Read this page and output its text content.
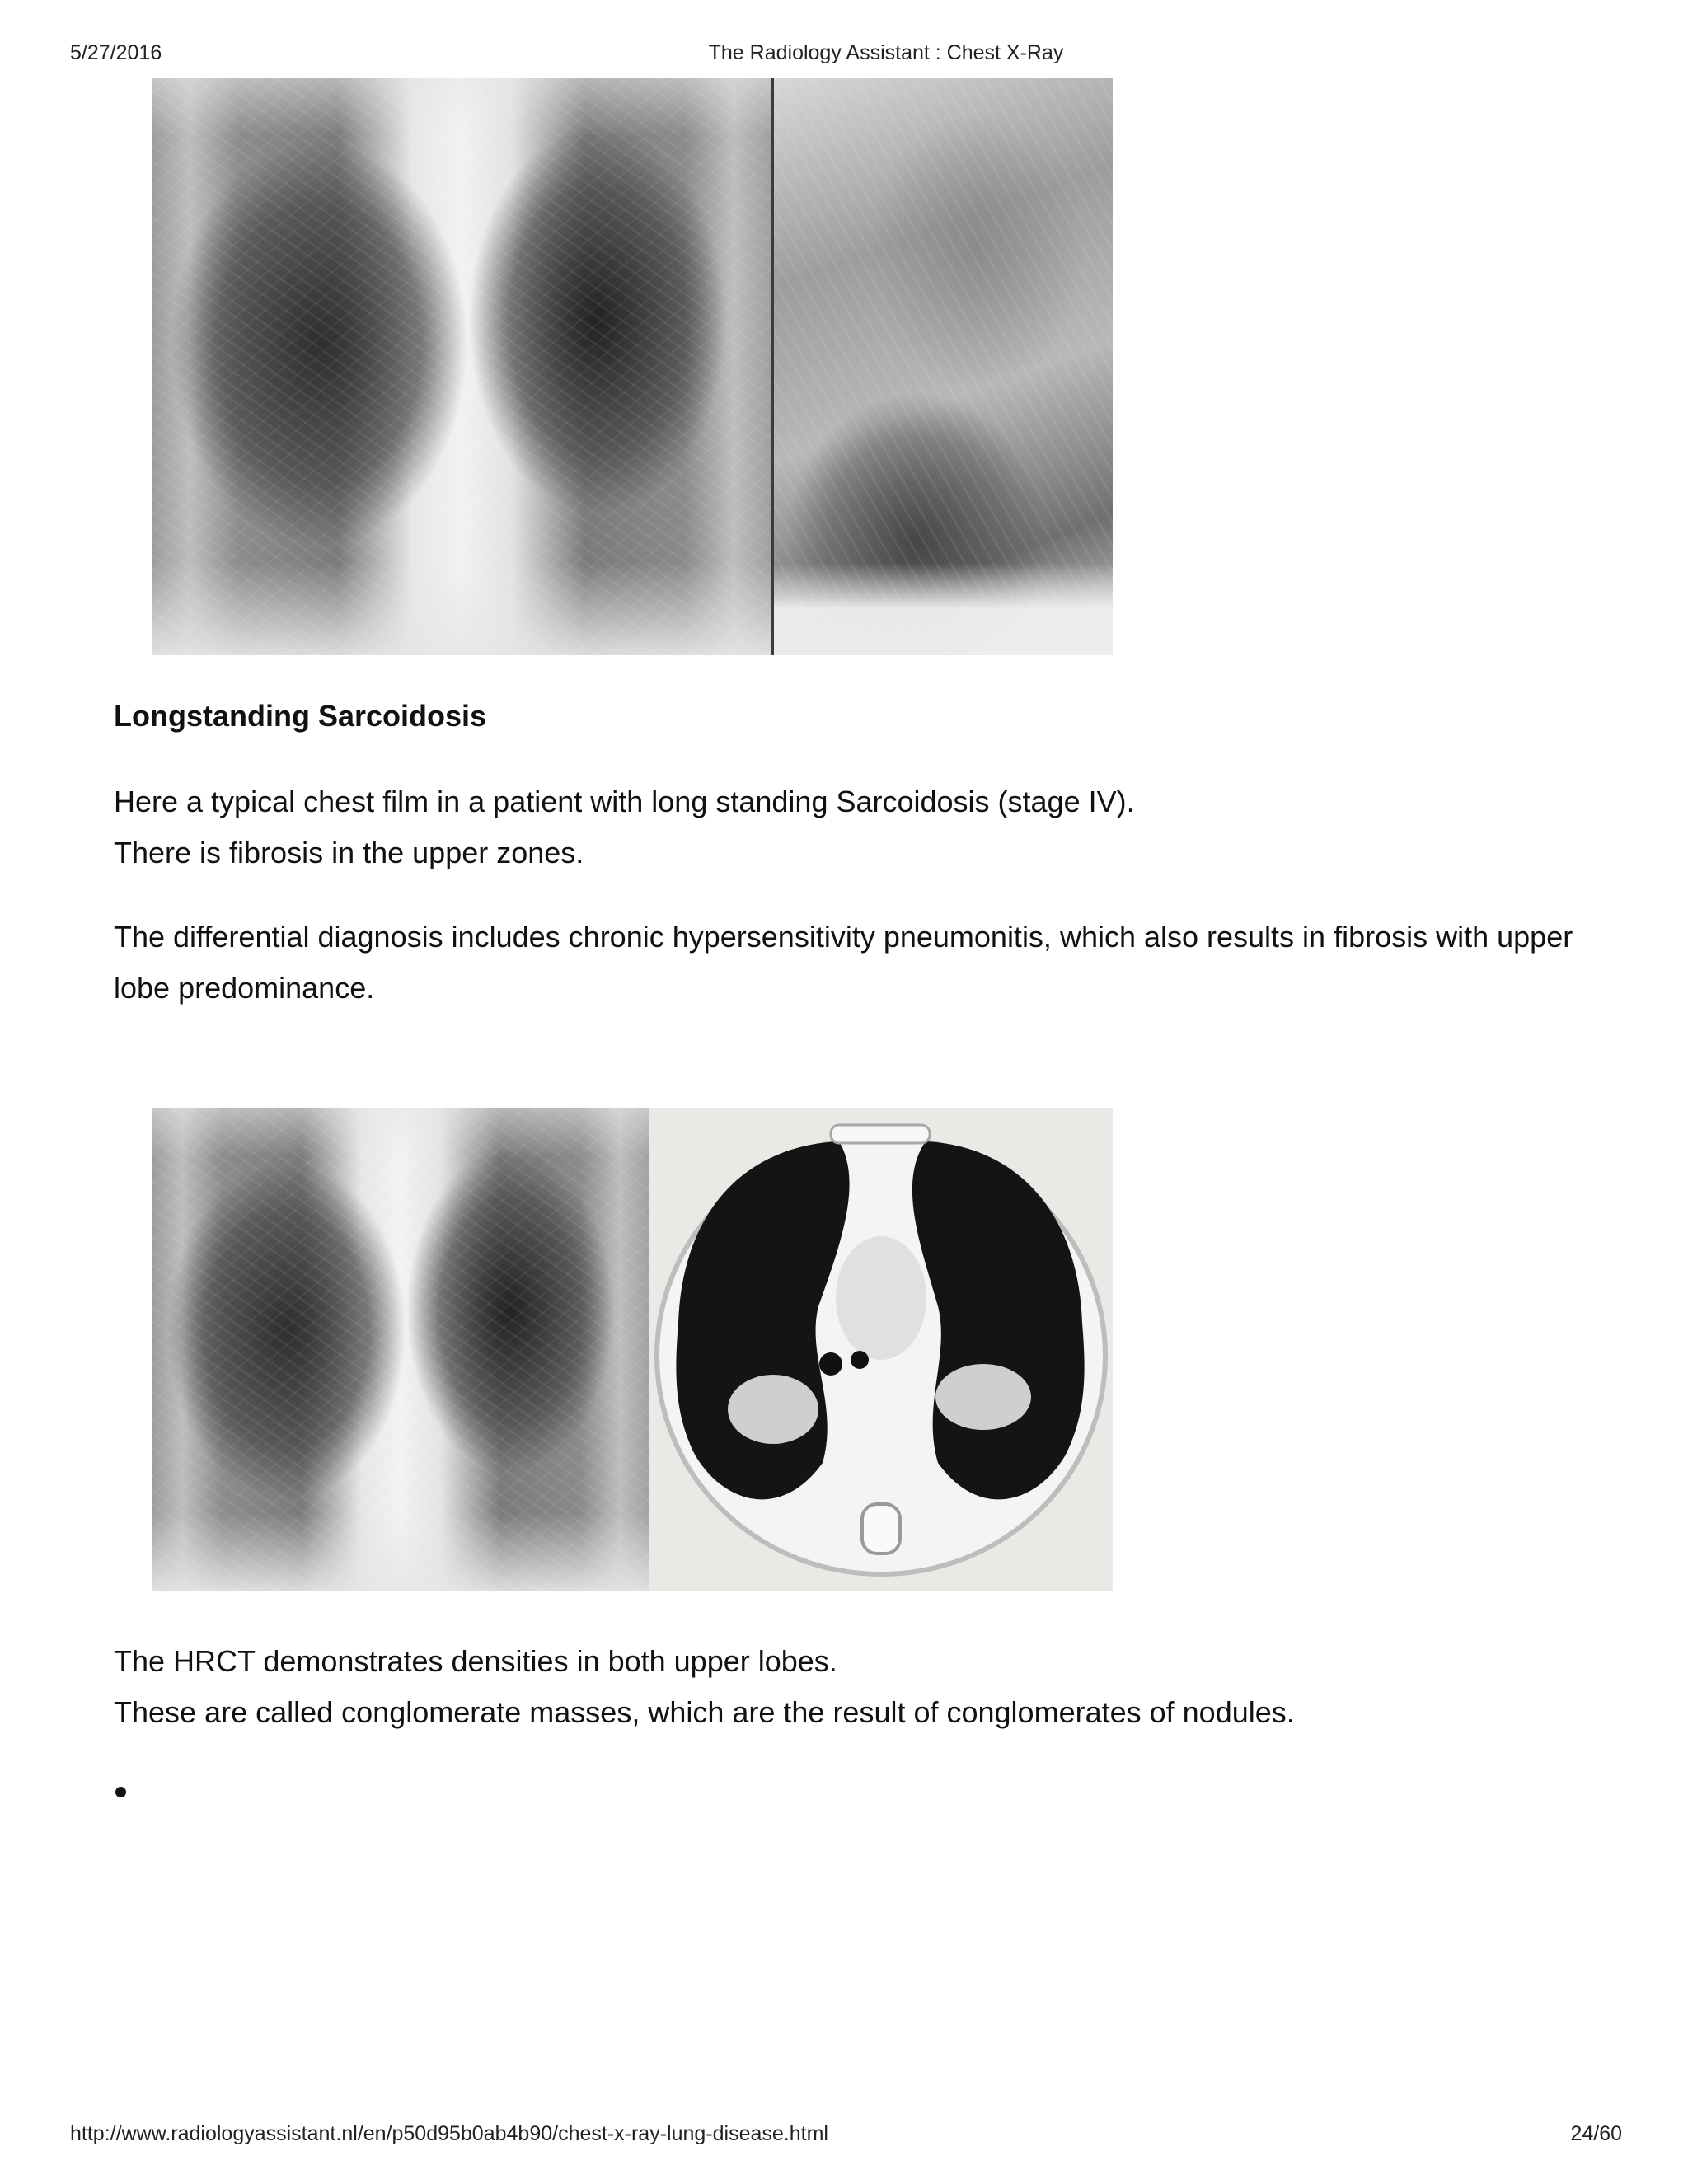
5/27/2016	The Radiology Assistant : Chest X-Ray
Longstanding Sarcoidosis

Here a typical chest film in a patient with long standing Sarcoidosis (stage IV).
There is fibrosis in the upper zones.

The differential diagnosis includes chronic hypersensitivity pneumonitis, which also results in fibrosis with upper lobe predominance.

The HRCT demonstrates densities in both upper lobes.
These are called conglomerate masses, which are the result of conglomerates of nodules.

http://www.radiologyassistant.nl/en/p50d95b0ab4b90/chest-x-ray-lung-disease.html	24/60
